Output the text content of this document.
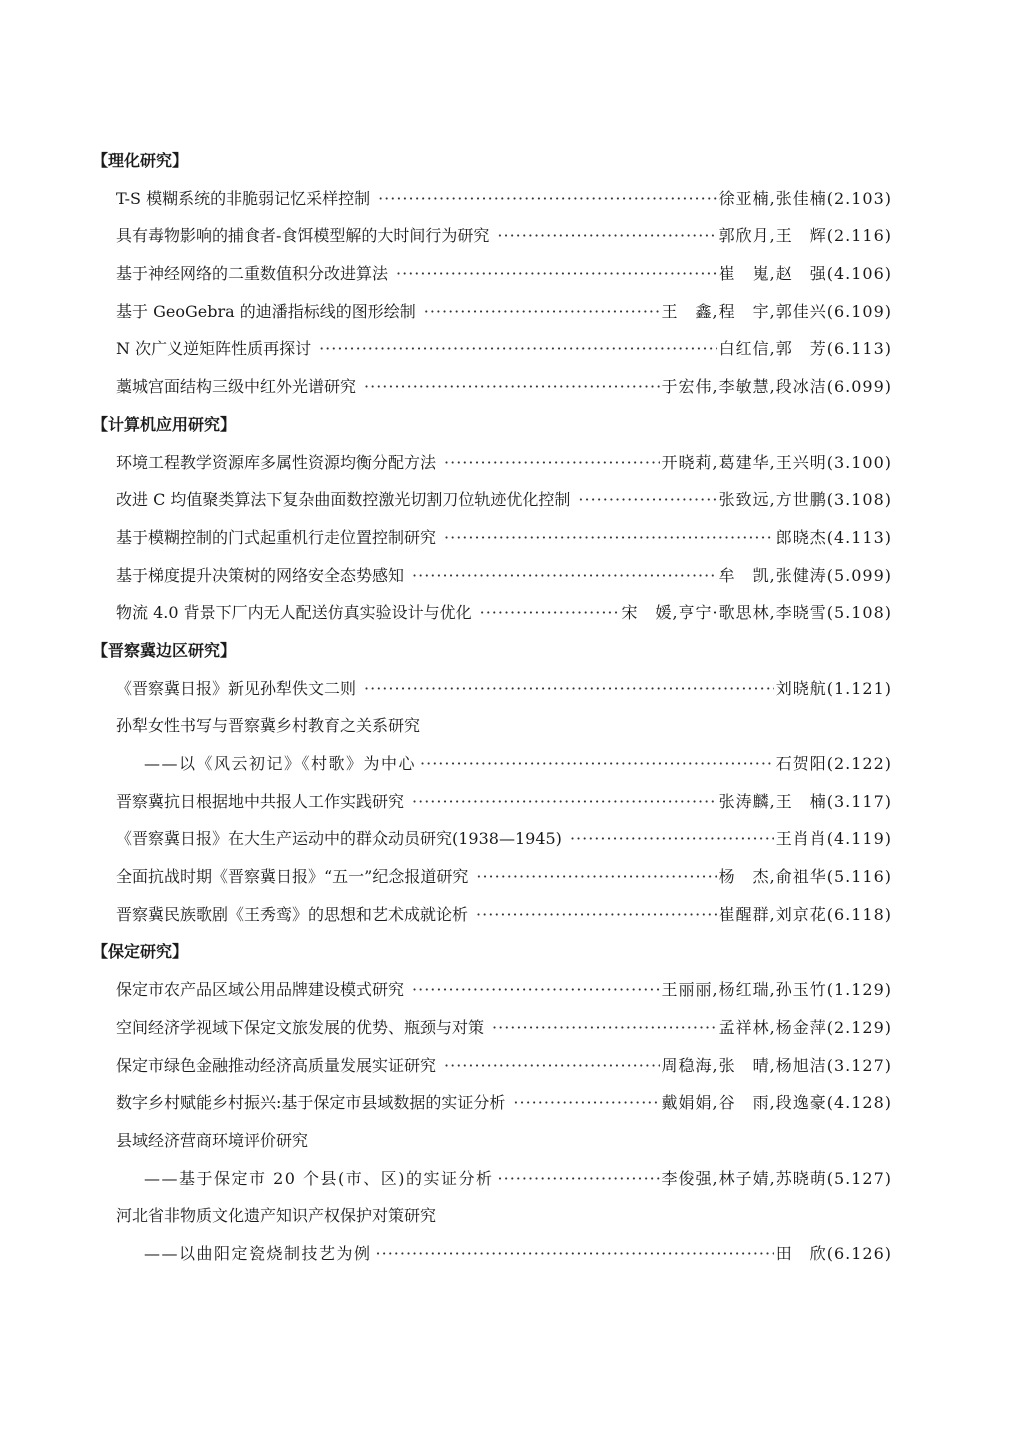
【理化研究】
T-S 模糊系统的非脆弱记忆采样控制 ·····	徐亚楠,张佳楠(2.103)
具有毒物影响的捕食者-食饵模型解的大时间行为研究 ·····	郭欣月,王　辉(2.116)
基于神经网络的二重数值积分改进算法 ·····	崔　嵬,赵　强(4.106)
基于 GeoGebra 的迪潘指标线的图形绘制 ·····	王　鑫,程　宇,郭佳兴(6.109)
N 次广义逆矩阵性质再探讨 ·····	白红信,郭　芳(6.113)
藁城宫面结构三级中红外光谱研究 ·····	于宏伟,李敏慧,段冰洁(6.099)
【计算机应用研究】
环境工程教学资源库多属性资源均衡分配方法 ·····	开晓莉,葛建华,王兴明(3.100)
改进 C 均值聚类算法下复杂曲面数控激光切割刀位轨迹优化控制 ·····	张致远,方世鹏(3.108)
基于模糊控制的门式起重机行走位置控制研究 ·····	郎晓杰(4.113)
基于梯度提升决策树的网络安全态势感知 ·····	牟　凯,张健涛(5.099)
物流 4.0 背景下厂内无人配送仿真实验设计与优化 ·····	宋　媛,亨宁·歌思林,李晓雪(5.108)
【晋察冀边区研究】
《晋察冀日报》新见孙犁佚文二则 ·····	刘晓航(1.121)
孙犁女性书写与晋察冀乡村教育之关系研究
——以《风云初记》《村歌》为中心 ·····	石贺阳(2.122)
晋察冀抗日根据地中共报人工作实践研究 ·····	张涛麟,王　楠(3.117)
《晋察冀日报》在大生产运动中的群众动员研究(1938—1945) ·····	王肖肖(4.119)
全面抗战时期《晋察冀日报》“五一”纪念报道研究 ·····	杨　杰,俞祖华(5.116)
晋察冀民族歌剧《王秀鸾》的思想和艺术成就论析 ·····	崔醒群,刘京花(6.118)
【保定研究】
保定市农产品区域公用品牌建设模式研究 ·····	王丽丽,杨红瑞,孙玉竹(1.129)
空间经济学视域下保定文旅发展的优势、瓶颈与对策 ·····	孟祥林,杨金萍(2.129)
保定市绿色金融推动经济高质量发展实证研究 ·····	周稳海,张　晴,杨旭洁(3.127)
数字乡村赋能乡村振兴:基于保定市县域数据的实证分析 ·····	戴娟娟,谷　雨,段逸豪(4.128)
县域经济营商环境评价研究
——基于保定市 20 个县(市、区)的实证分析 ·····	李俊强,林子婧,苏晓萌(5.127)
河北省非物质文化遗产知识产权保护对策研究
——以曲阳定瓷烧制技艺为例 ·····	田　欣(6.126)
